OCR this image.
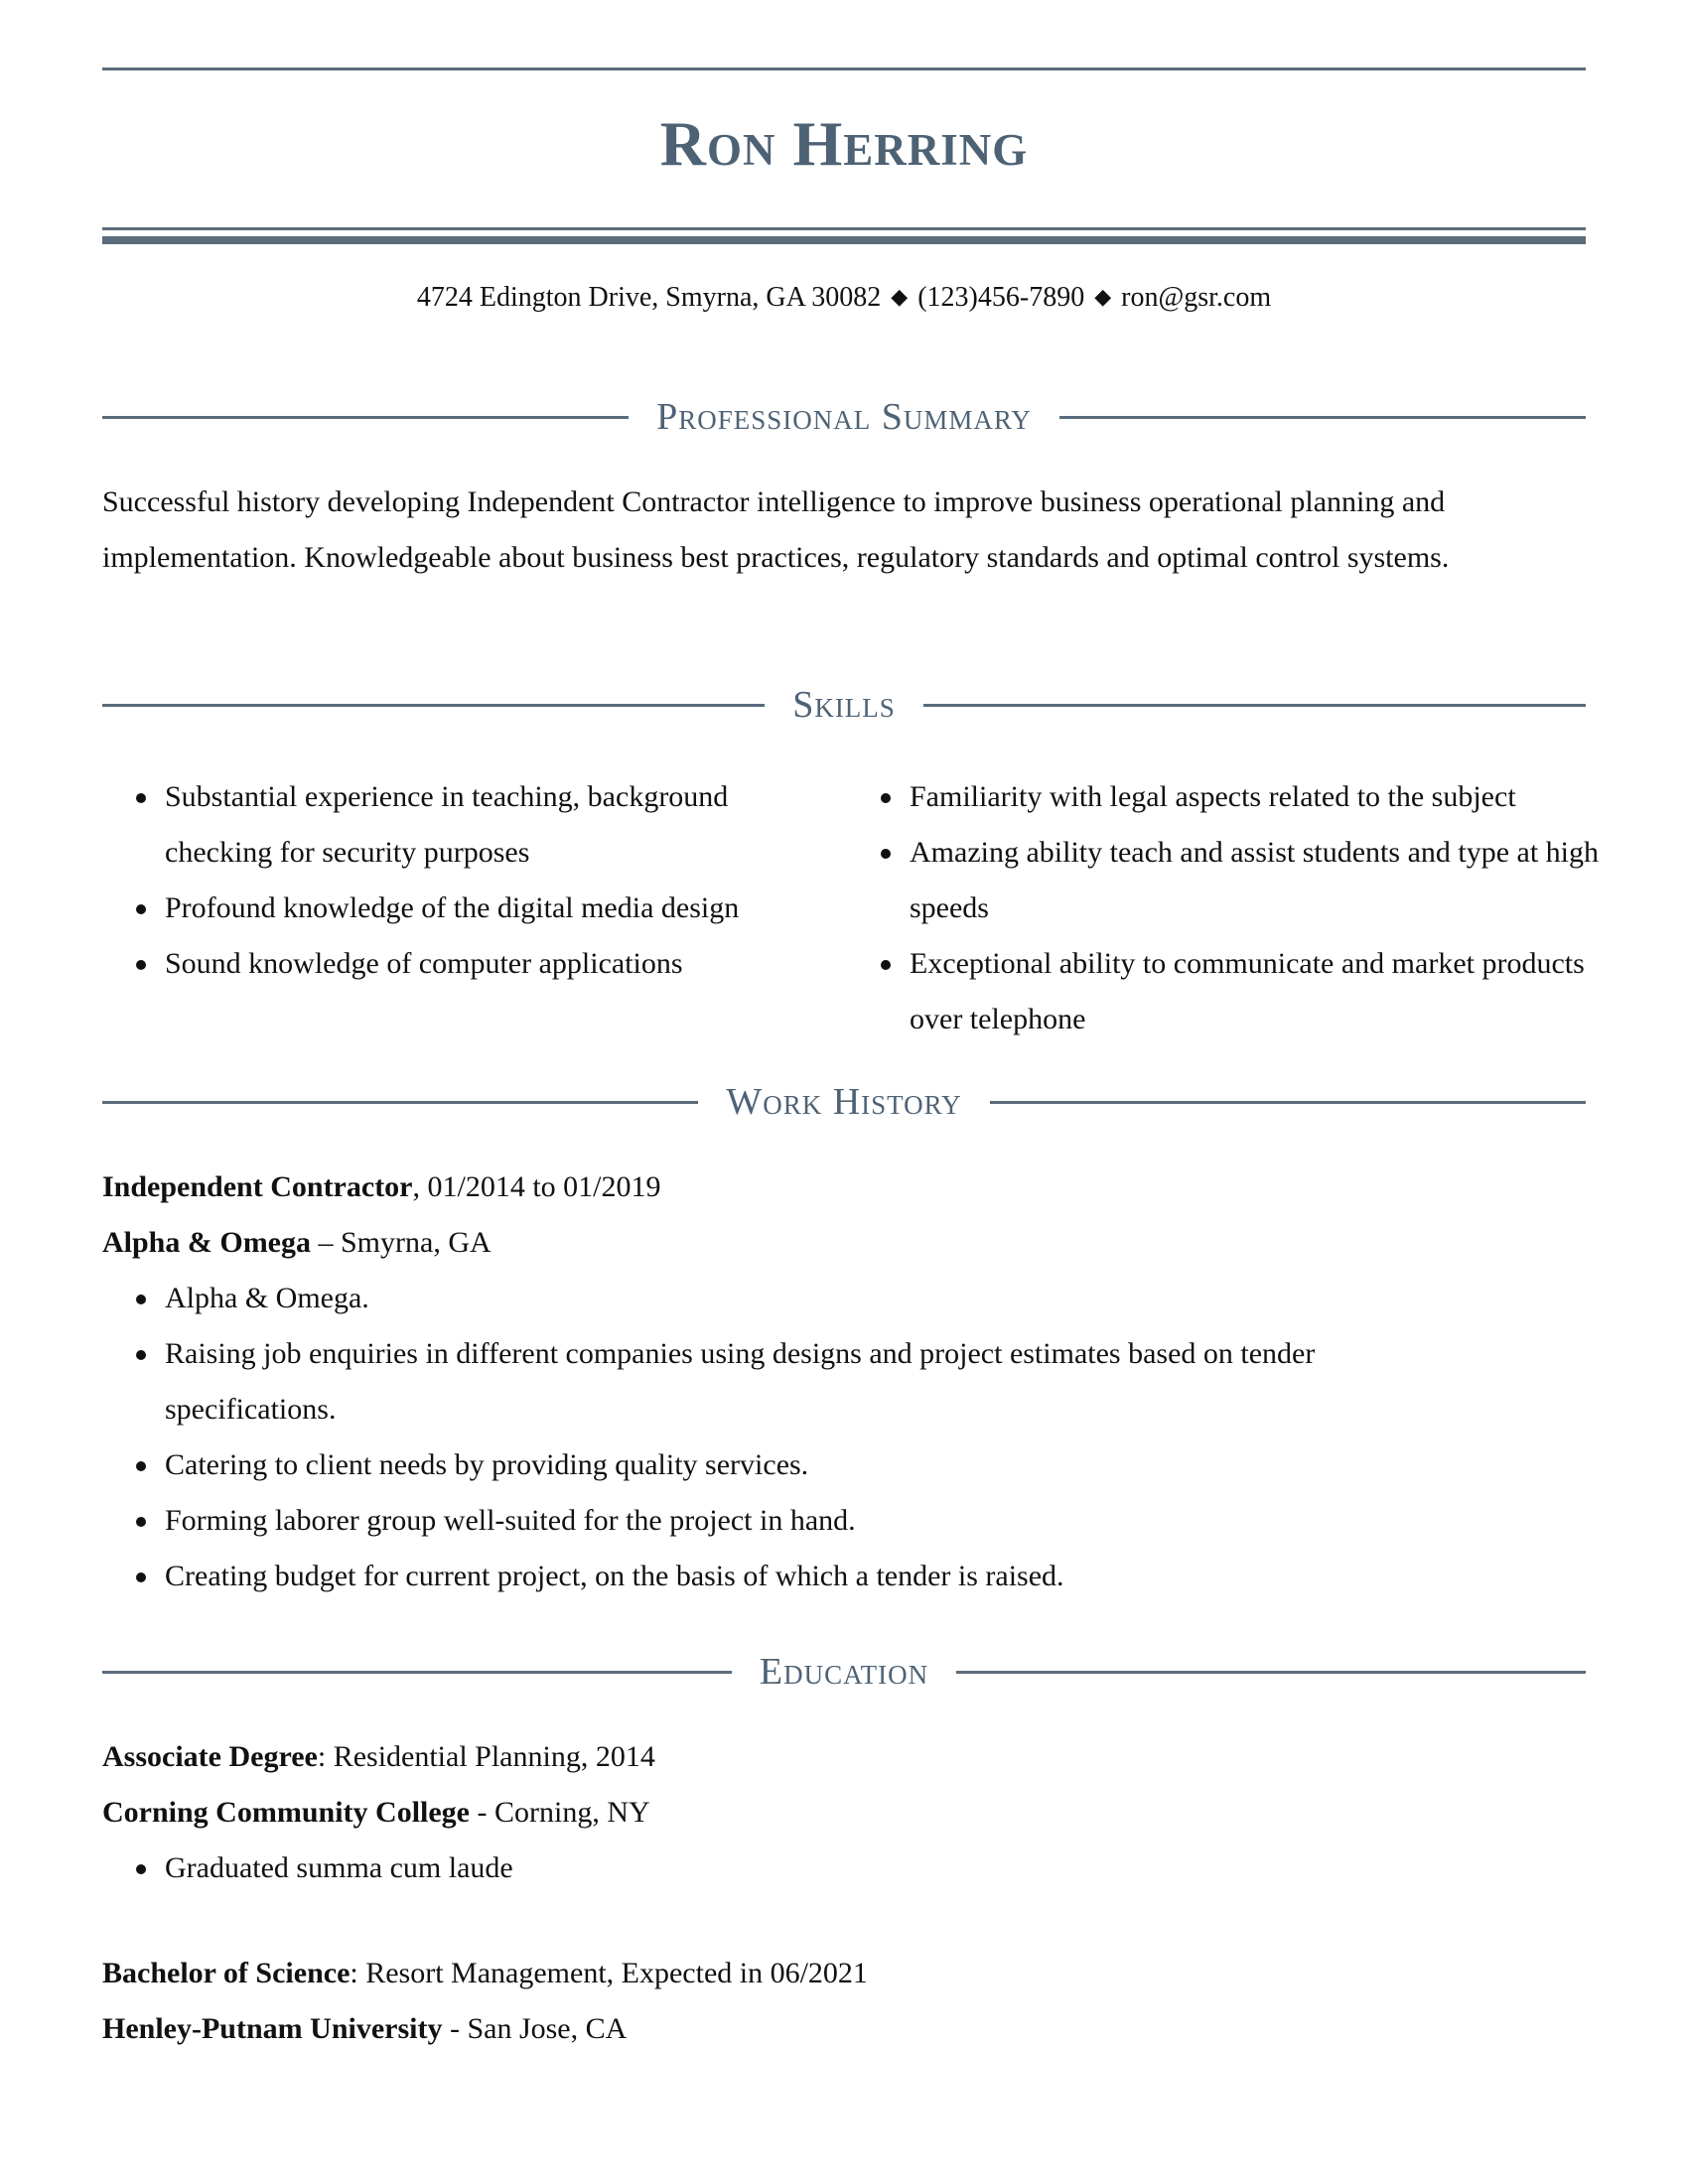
Ron Herring
4724 Edington Drive, Smyrna, GA 30082 ◆ (123)456-7890 ◆ ron@gsr.com
Professional Summary
Successful history developing Independent Contractor intelligence to improve business operational planning and implementation. Knowledgeable about business best practices, regulatory standards and optimal control systems.
Skills
Substantial experience in teaching, background checking for security purposes
Profound knowledge of the digital media design
Sound knowledge of computer applications
Familiarity with legal aspects related to the subject
Amazing ability teach and assist students and type at high speeds
Exceptional ability to communicate and market products over telephone
Work History
Independent Contractor, 01/2014 to 01/2019
Alpha & Omega – Smyrna, GA
Alpha & Omega.
Raising job enquiries in different companies using designs and project estimates based on tender specifications.
Catering to client needs by providing quality services.
Forming laborer group well-suited for the project in hand.
Creating budget for current project, on the basis of which a tender is raised.
Education
Associate Degree: Residential Planning, 2014
Corning Community College - Corning, NY
Graduated summa cum laude
Bachelor of Science: Resort Management, Expected in 06/2021
Henley-Putnam University - San Jose, CA
